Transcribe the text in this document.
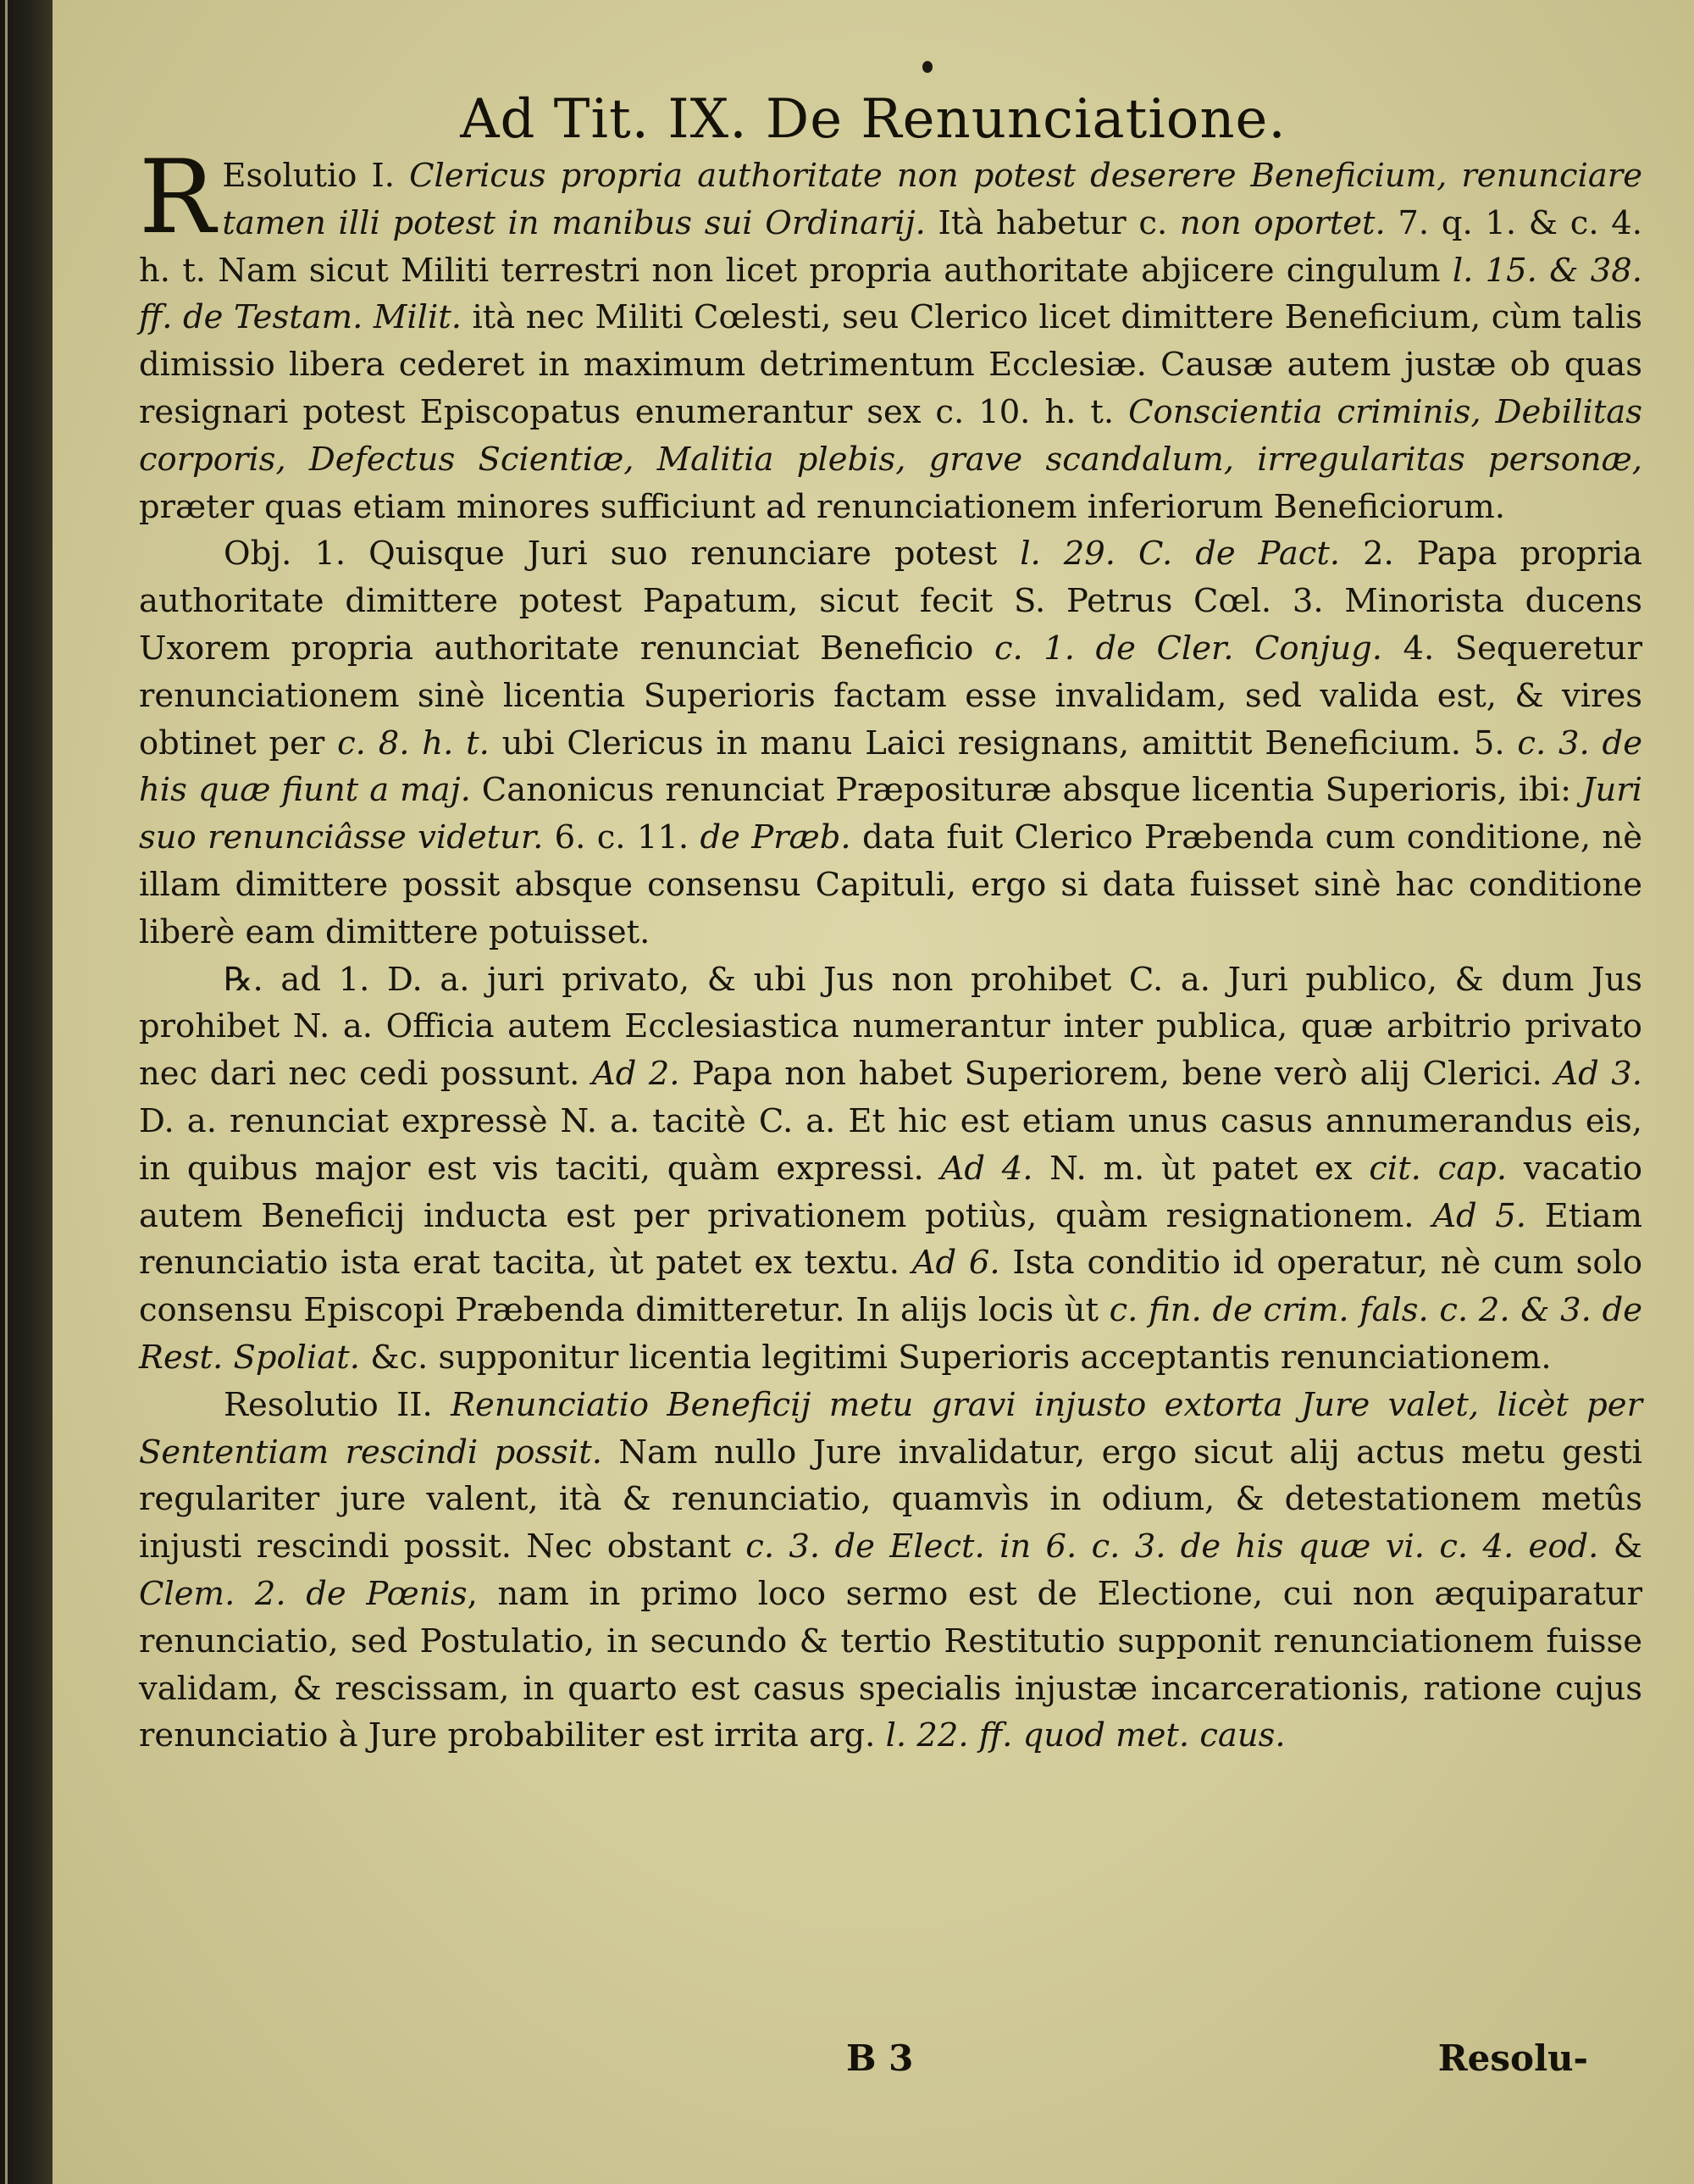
Ad Tit. IX. De Renunciatione.

R Esolutio I. Clericus propria authoritate non potest deserere Beneficium, renunciare tamen illi potest in manibus sui Ordinarij. Ità habetur c. non oportet. 7. q. 1. & c. 4. h. t. Nam sicut Militi terrestri non licet propria authoritate abjicere cingulum l. 15. & 38. ff. de Testam. Milit. ità nec Militi Cœlesti, seu Clerico licet dimittere Beneficium, cùm talis dimissio libera cederet in maximum detrimentum Ecclesiæ. Causæ autem justæ ob quas resignari potest Episcopatus enumerantur sex c. 10. h. t. Conscientia criminis, Debilitas corporis, Defectus Scientiæ, Malitia plebis, grave scandalum, irregularitas personæ, præter quas etiam minores sufficiunt ad renunciationem inferiorum Beneficiorum.

Obj. 1. Quisque Juri suo renunciare potest l. 29. C. de Pact. 2. Papa propria authoritate dimittere potest Papatum, sicut fecit S. Petrus Cœl. 3. Minorista ducens Uxorem propria authoritate renunciat Beneficio c. 1. de Cler. Conjug. 4. Sequeretur renunciationem sinè licentia Superioris factam esse invalidam, sed valida est, & vires obtinet per c. 8. h. t. ubi Clericus in manu Laici resignans, amittit Beneficium. 5. c. 3. de his quæ fiunt a maj. Canonicus renunciat Præposituræ absque licentia Superioris, ibi: Juri suo renunciâsse videtur. 6. c. 11. de Præb. data fuit Clerico Præbenda cum conditione, nè illam dimittere possit absque consensu Capituli, ergo si data fuisset sinè hac conditione liberè eam dimittere potuisset.

℞. ad 1. D. a. juri privato, & ubi Jus non prohibet C. a. Juri publico, & dum Jus prohibet N. a. Officia autem Ecclesiastica numerantur inter publica, quæ arbitrio privato nec dari nec cedi possunt. Ad 2. Papa non habet Superiorem, bene verò alij Clerici. Ad 3. D. a. renunciat expressè N. a. tacitè C. a. Et hic est etiam unus casus annumerandus eis, in quibus major est vis taciti, quàm expressi. Ad 4. N. m. ùt patet ex cit. cap. vacatio autem Beneficij inducta est per privationem potiùs, quàm resignationem. Ad 5. Etiam renunciatio ista erat tacita, ùt patet ex textu. Ad 6. Ista conditio id operatur, nè cum solo consensu Episcopi Præbenda dimitteretur. In alijs locis ùt c. fin. de crim. fals. c. 2. & 3. de Rest. Spoliat. &c. supponitur licentia legitimi Superioris acceptantis renunciationem.

Resolutio II. Renunciatio Beneficij metu gravi injusto extorta Jure valet, licèt per Sententiam rescindi possit. Nam nullo Jure invalidatur, ergo sicut alij actus metu gesti regulariter jure valent, ità & renunciatio, quamvìs in odium, & detestationem metûs injusti rescindi possit. Nec obstant c. 3. de Elect. in 6. c. 3. de his quæ vi. c. 4. eod. & Clem. 2. de Pœnis, nam in primo loco sermo est de Electione, cui non æquiparatur renunciatio, sed Postulatio, in secundo & tertio Restitutio supponit renunciationem fuisse validam, & rescissam, in quarto est casus specialis injustæ incarcerationis, ratione cujus renunciatio à Jure probabiliter est irrita arg. l. 22. ff. quod met. caus.

B 3	Resolu-
